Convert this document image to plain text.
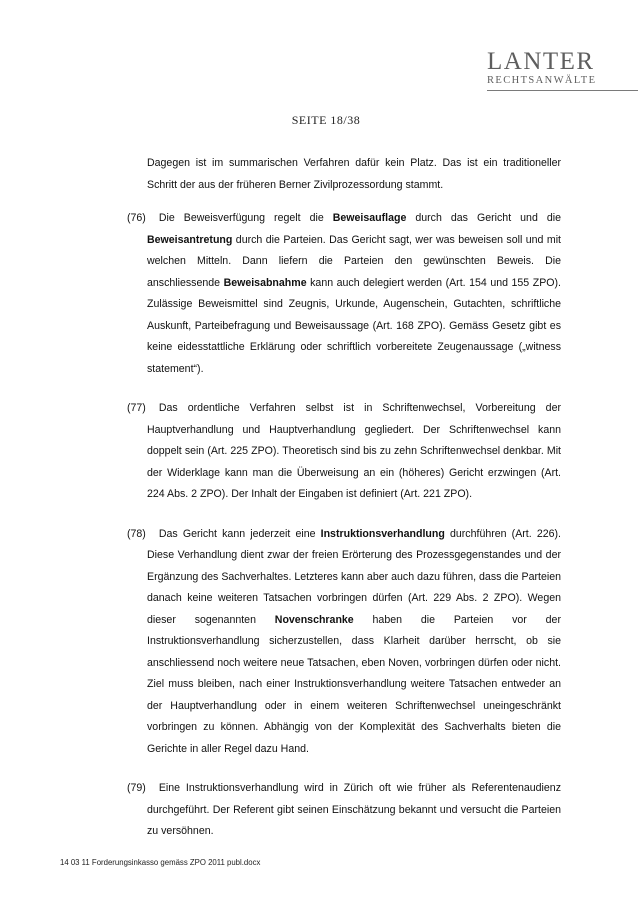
LANTER
RECHTSANWÄLTE
SEITE 18/38

Dagegen ist im summarischen Verfahren dafür kein Platz. Das ist ein traditioneller Schritt der aus der früheren Berner Zivilprozessordung stammt.

(76) Die Beweisverfügung regelt die Beweisauflage durch das Gericht und die Beweisantretung durch die Parteien. Das Gericht sagt, wer was beweisen soll und mit welchen Mitteln. Dann liefern die Parteien den gewünschten Beweis. Die anschliessende Beweisabnahme kann auch delegiert werden (Art. 154 und 155 ZPO). Zulässige Beweismittel sind Zeugnis, Urkunde, Augenschein, Gutachten, schriftliche Auskunft, Parteibefragung und Beweisaussage (Art. 168 ZPO). Gemäss Gesetz gibt es keine eidesstattliche Erklärung oder schriftlich vorbereitete Zeugenaussage („witness statement“).

(77) Das ordentliche Verfahren selbst ist in Schriftenwechsel, Vorbereitung der Hauptverhandlung und Hauptverhandlung gegliedert. Der Schriftenwechsel kann doppelt sein (Art. 225 ZPO). Theoretisch sind bis zu zehn Schriftenwechsel denkbar. Mit der Widerklage kann man die Überweisung an ein (höheres) Gericht erzwingen (Art. 224 Abs. 2 ZPO). Der Inhalt der Eingaben ist definiert (Art. 221 ZPO).

(78) Das Gericht kann jederzeit eine Instruktionsverhandlung durchführen (Art. 226). Diese Verhandlung dient zwar der freien Erörterung des Prozessgegenstandes und der Ergänzung des Sachverhaltes. Letzteres kann aber auch dazu führen, dass die Parteien danach keine weiteren Tatsachen vorbringen dürfen (Art. 229 Abs. 2 ZPO). Wegen dieser sogenannten Novenschranke haben die Parteien vor der Instruktionsverhandlung sicherzustellen, dass Klarheit darüber herrscht, ob sie anschliessend noch weitere neue Tatsachen, eben Noven, vorbringen dürfen oder nicht. Ziel muss bleiben, nach einer Instruktionsverhandlung weitere Tatsachen entweder an der Hauptverhandlung oder in einem weiteren Schriftenwechsel uneingeschränkt vorbringen zu können. Abhängig von der Komplexität des Sachverhalts bieten die Gerichte in aller Regel dazu Hand.

(79) Eine Instruktionsverhandlung wird in Zürich oft wie früher als Referentenaudienz durchgeführt. Der Referent gibt seinen Einschätzung bekannt und versucht die Parteien zu versöhnen.

14 03 11 Forderungsinkasso gemäss ZPO 2011 publ.docx
